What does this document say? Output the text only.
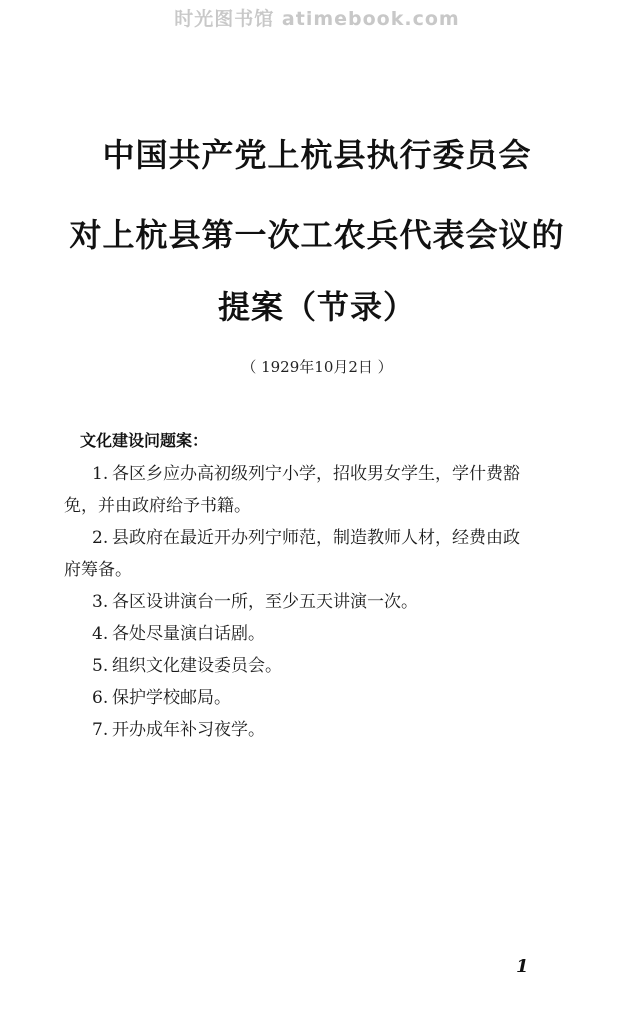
时光图书馆 atimebook.com
中国共产党上杭县执行委员会
对上杭县第一次工农兵代表会议的
提案（节录）
（ 1929年10月2日 ）
文化建设问题案：
1. 各区乡应办高初级列宁小学，招收男女学生，学什费豁
免，并由政府给予书籍。
2. 县政府在最近开办列宁师范，制造教师人材，经费由政
府筹备。
3. 各区设讲演台一所，至少五天讲演一次。
4. 各处尽量演白话剧。
5. 组织文化建设委员会。
6. 保护学校邮局。
7. 开办成年补习夜学。
1
